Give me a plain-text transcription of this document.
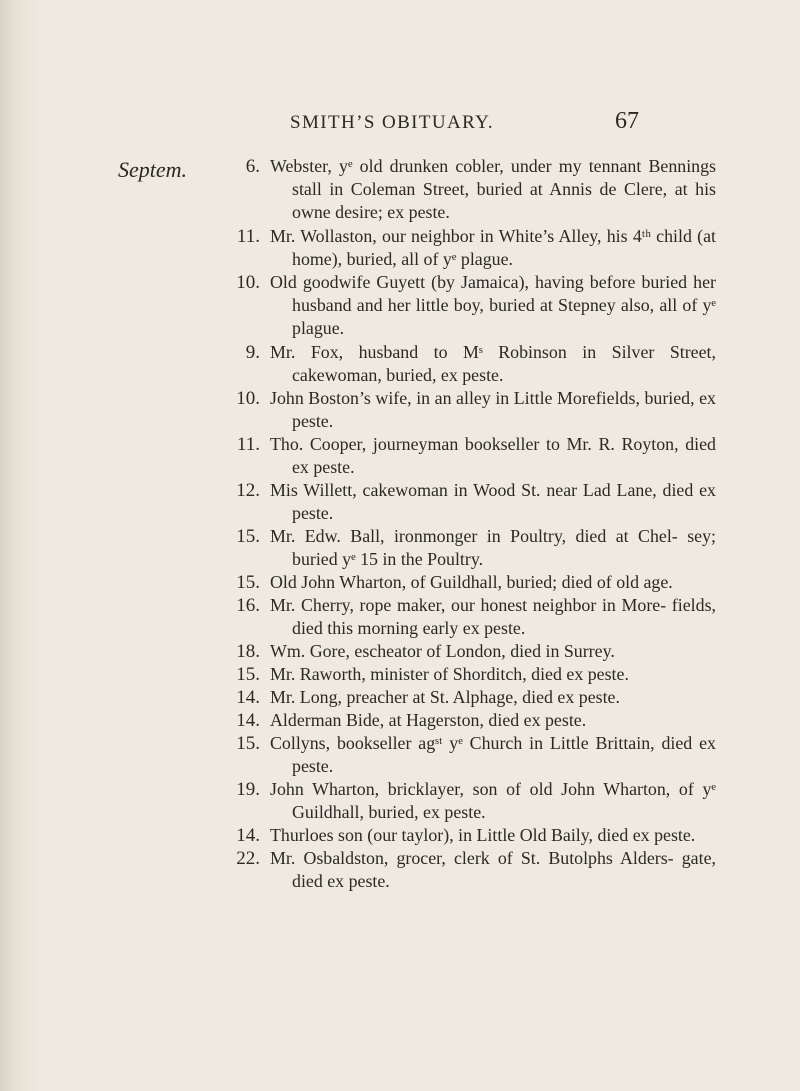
SMITH’S OBITUARY.	67
Septem.	6. Webster, yᵉ old drunken cobler, under my tennant Bennings stall in Coleman Street, buried at Annis de Clere, at his owne desire; ex peste.
11. Mr. Wollaston, our neighbor in White’s Alley, his 4ᵗʰ child (at home), buried, all of yᵉ plague.
10. Old goodwife Guyett (by Jamaica), having before buried her husband and her little boy, buried at Stepney also, all of yᵉ plague.
9. Mr. Fox, husband to Mˢ Robinson in Silver Street, cakewoman, buried, ex peste.
10. John Boston’s wife, in an alley in Little Morefields, buried, ex peste.
11. Tho. Cooper, journeyman bookseller to Mr. R. Royton, died ex peste.
12. Mis Willett, cakewoman in Wood St. near Lad Lane, died ex peste.
15. Mr. Edw. Ball, ironmonger in Poultry, died at Chel- sey; buried yᵉ 15 in the Poultry.
15. Old John Wharton, of Guildhall, buried; died of old age.
16. Mr. Cherry, rope maker, our honest neighbor in More- fields, died this morning early ex peste.
18. Wm. Gore, escheator of London, died in Surrey.
15. Mr. Raworth, minister of Shorditch, died ex peste.
14. Mr. Long, preacher at St. Alphage, died ex peste.
14. Alderman Bide, at Hagerston, died ex peste.
15. Collyns, bookseller agˢᵗ yᵉ Church in Little Brittain, died ex peste.
19. John Wharton, bricklayer, son of old John Wharton, of yᵉ Guildhall, buried, ex peste.
14. Thurloes son (our taylor), in Little Old Baily, died ex peste.
22. Mr. Osbaldston, grocer, clerk of St. Butolphs Alders- gate, died ex peste.
